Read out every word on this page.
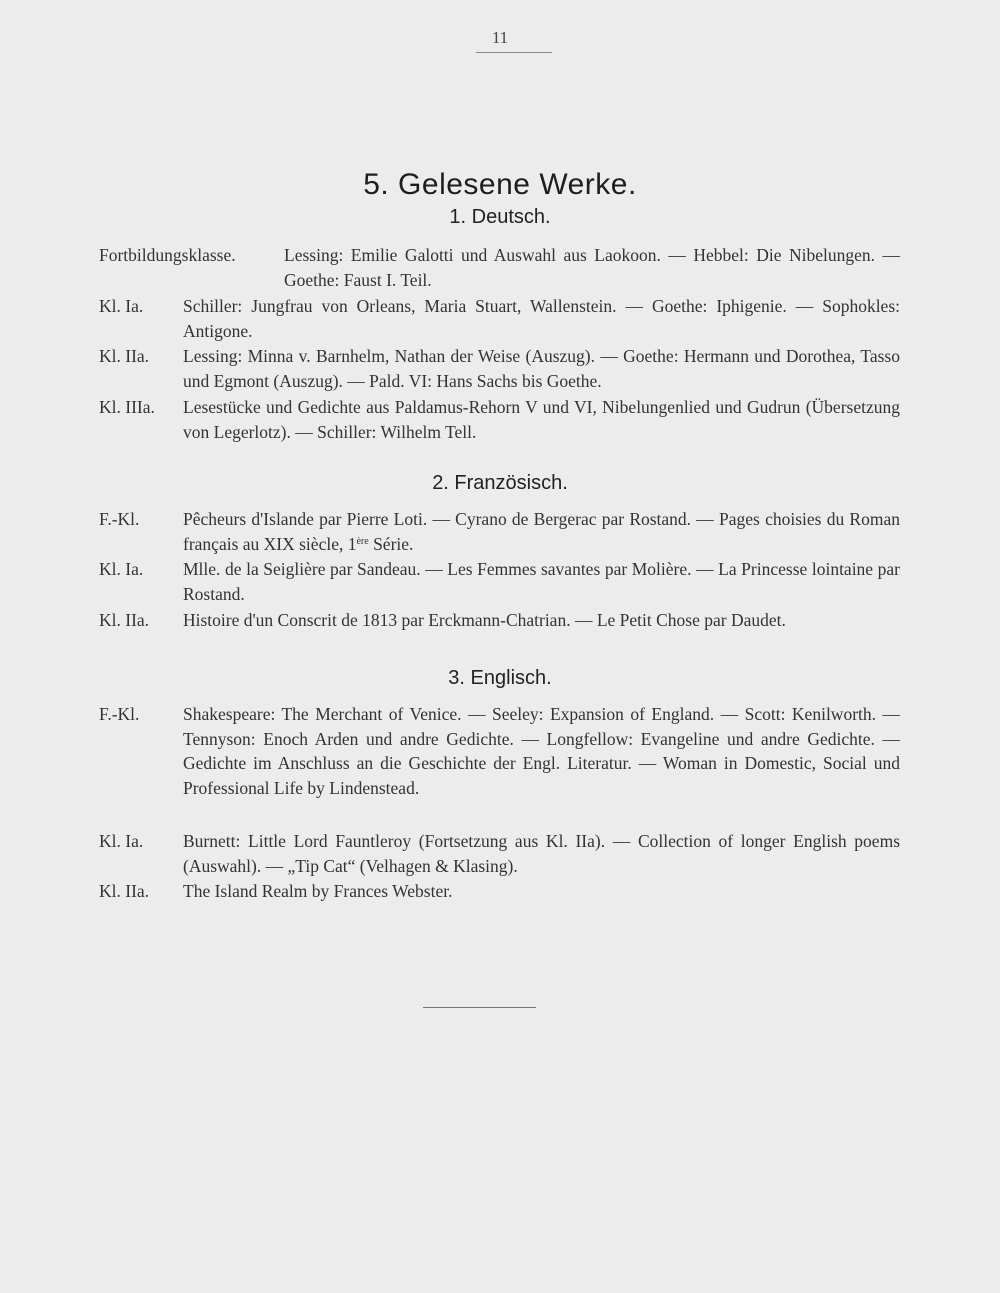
11
5. Gelesene Werke.
1. Deutsch.
Fortbildungsklasse.	Lessing: Emilie Galotti und Auswahl aus Laokoon. — Hebbel: Die Nibelungen. — Goethe: Faust I. Teil.
Kl. Ia. Schiller: Jungfrau von Orleans, Maria Stuart, Wallenstein. — Goethe: Iphigenie. — Sophokles: Antigone.
Kl. IIa. Lessing: Minna v. Barnhelm, Nathan der Weise (Auszug). — Goethe: Hermann und Dorothea, Tasso und Egmont (Auszug). — Pald. VI: Hans Sachs bis Goethe.
Kl. IIIa. Lesestücke und Gedichte aus Paldamus-Rehorn V und VI, Nibelungenlied und Gudrun (Übersetzung von Legerlotz). — Schiller: Wilhelm Tell.
2. Französisch.
F.-Kl. Pêcheurs d'Islande par Pierre Loti. — Cyrano de Bergerac par Rostand. — Pages choisies du Roman français au XIX siècle, 1ère Série.
Kl. Ia. Mlle. de la Seiglière par Sandeau. — Les Femmes savantes par Molière. — La Princesse lointaine par Rostand.
Kl. IIa. Histoire d'un Conscrit de 1813 par Erckmann-Chatrian. — Le Petit Chose par Daudet.
3. Englisch.
F.-Kl. Shakespeare: The Merchant of Venice. — Seeley: Expansion of England. — Scott: Kenilworth. — Tennyson: Enoch Arden und andre Gedichte. — Longfellow: Evangeline und andre Gedichte. — Gedichte im Anschluss an die Geschichte der Engl. Literatur. — Woman in Domestic, Social und Professional Life by Lindenstead.
Kl. Ia. Burnett: Little Lord Fauntleroy (Fortsetzung aus Kl. IIa). — Collection of longer English poems (Auswahl). — „Tip Cat“ (Velhagen & Klasing).
Kl. IIa. The Island Realm by Frances Webster.
